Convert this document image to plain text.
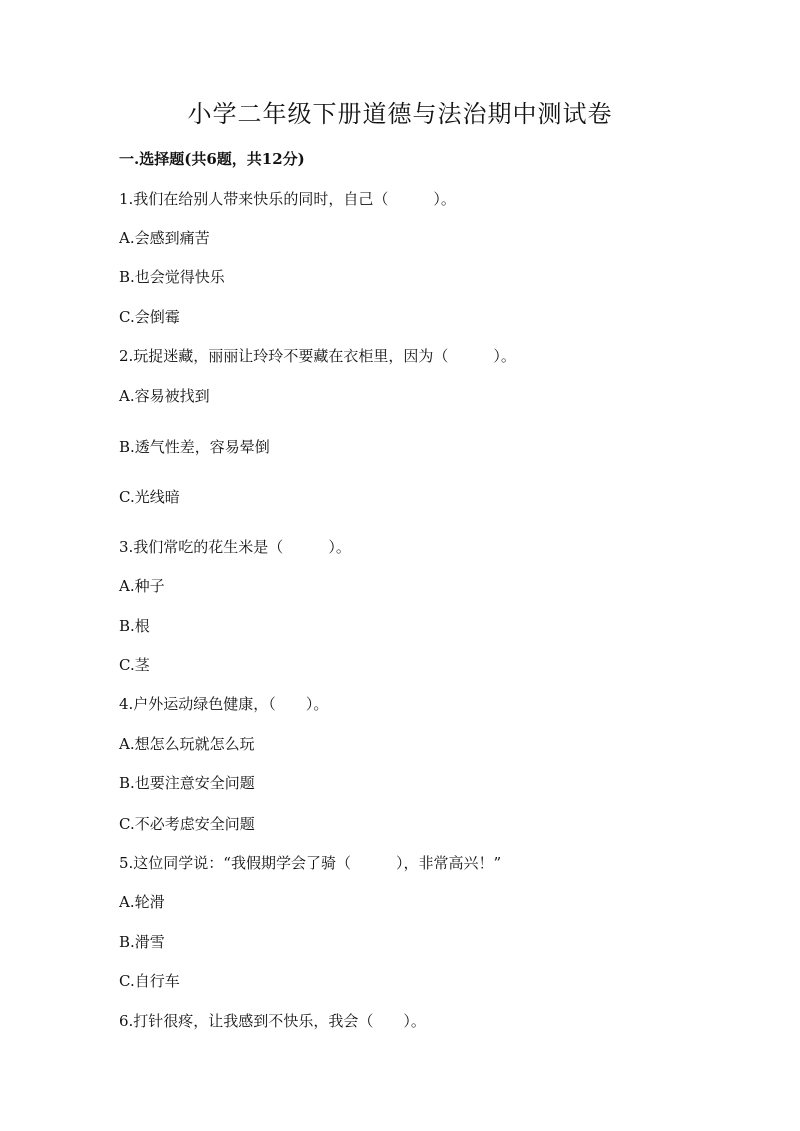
小学二年级下册道德与法治期中测试卷
一.选择题(共6题，共12分)
1.我们在给别人带来快乐的同时，自己（　　　）。
A.会感到痛苦
B.也会觉得快乐
C.会倒霉
2.玩捉迷藏，丽丽让玲玲不要藏在衣柜里，因为（　　　）。
A.容易被找到
B.透气性差，容易晕倒
C.光线暗
3.我们常吃的花生米是（　　　）。
A.种子
B.根
C.茎
4.户外运动绿色健康，（　　）。
A.想怎么玩就怎么玩
B.也要注意安全问题
C.不必考虑安全问题
5.这位同学说：“我假期学会了骑（　　　），非常高兴！”
A.轮滑
B.滑雪
C.自行车
6.打针很疼，让我感到不快乐，我会（　　）。
